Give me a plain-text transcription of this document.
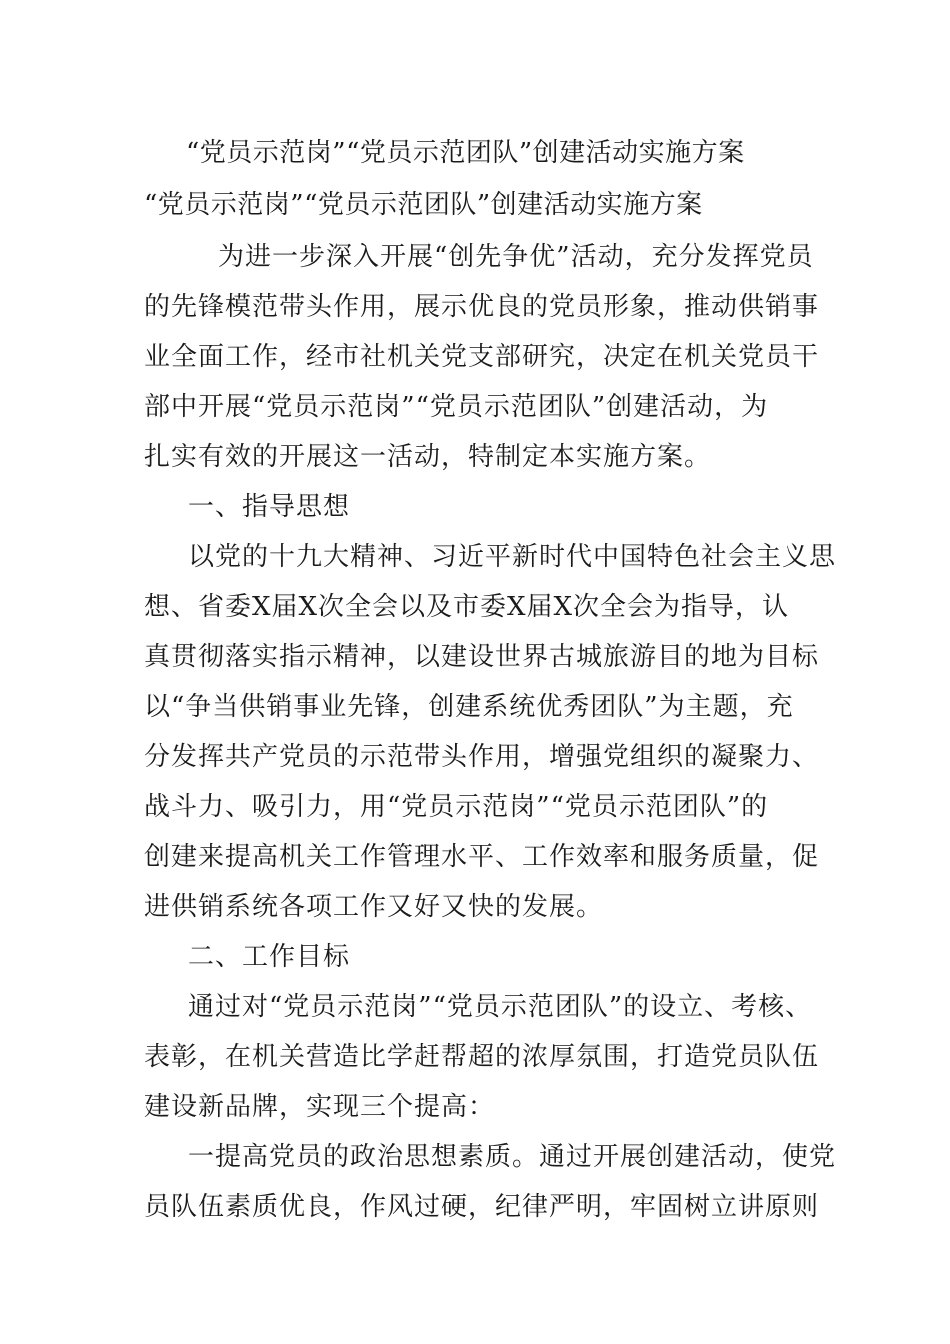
“党员示范岗”“党员示范团队”创建活动实施方案
“党员示范岗”“党员示范团队”创建活动实施方案
为进一步深入开展“创先争优”活动，充分发挥党员
的先锋模范带头作用，展示优良的党员形象，推动供销事
业全面工作，经市社机关党支部研究，决定在机关党员干
部中开展“党员示范岗”“党员示范团队”创建活动，为
扎实有效的开展这一活动，特制定本实施方案。
一、指导思想
以党的十九大精神、习近平新时代中国特色社会主义思
想、省委X届X次全会以及市委X届X次全会为指导，认
真贯彻落实指示精神，以建设世界古城旅游目的地为目标
以“争当供销事业先锋，创建系统优秀团队”为主题，充
分发挥共产党员的示范带头作用，增强党组织的凝聚力、
战斗力、吸引力，用“党员示范岗”“党员示范团队”的
创建来提高机关工作管理水平、工作效率和服务质量，促
进供销系统各项工作又好又快的发展。
二、工作目标
通过对“党员示范岗”“党员示范团队”的设立、考核、
表彰，在机关营造比学赶帮超的浓厚氛围，打造党员队伍
建设新品牌，实现三个提高：
一提高党员的政治思想素质。通过开展创建活动，使党
员队伍素质优良，作风过硬，纪律严明，牢固树立讲原则
